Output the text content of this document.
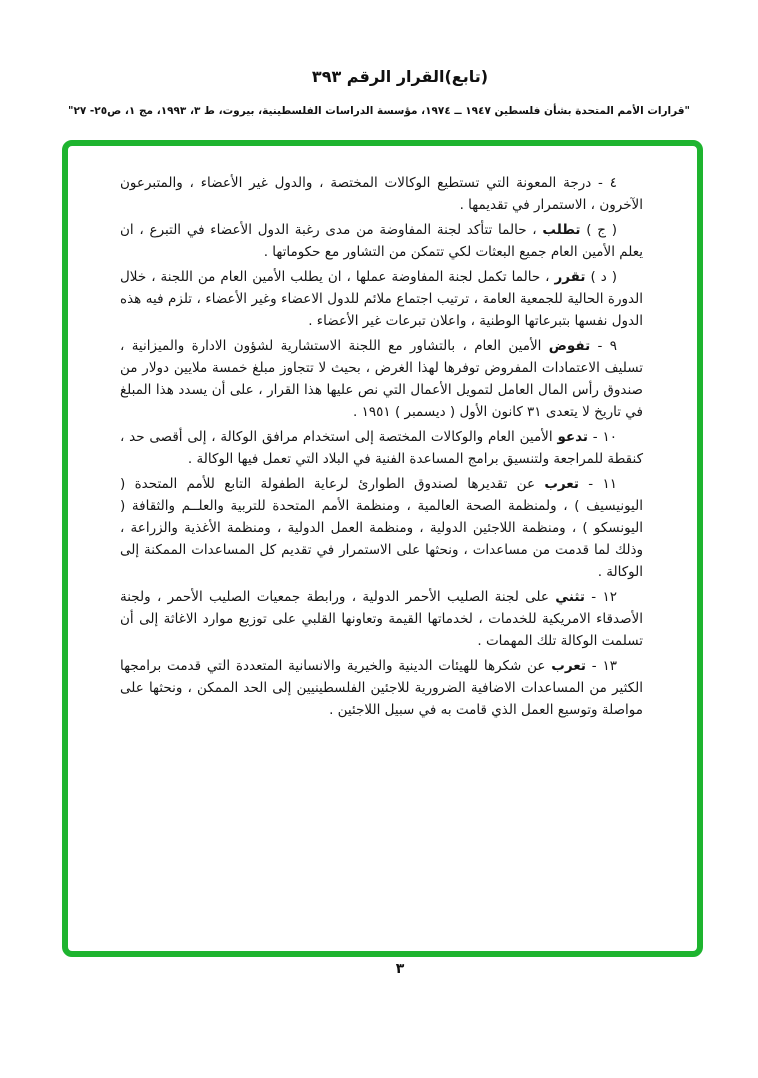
(تابع)القرار الرقم ٣٩٣
"قرارات الأمم المتحدة بشأن فلسطين ١٩٤٧ ــ ١٩٧٤، مؤسسة الدراسات الفلسطينية، بيروت، ط ٣، ١٩٩٣، مج ١، ص٢٥- ٢٧"

٤ - درجة المعونة التي تستطيع الوكالات المختصة ، والدول غير الأعضاء ، والمتبرعون الآخرون ، الاستمرار في تقديمها .

( ج ) تطلب ، حالما تتأكد لجنة المفاوضة من مدى رغبة الدول الأعضاء في التبرع ، ان يعلم الأمين العام جميع البعثات لكي تتمكن من التشاور مع حكوماتها .

( د ) تقرر ، حالما تكمل لجنة المفاوضة عملها ، ان يطلب الأمين العام من اللجنة ، خلال الدورة الحالية للجمعية العامة ، ترتيب اجتماع ملائم للدول الاعضاء وغير الأعضاء ، تلزم فيه هذه الدول نفسها بتبرعاتها الوطنية ، واعلان تبرعات غير الأعضاء .

٩ - تفوض الأمين العام ، بالتشاور مع اللجنة الاستشارية لشؤون الادارة والميزانية ، تسليف الاعتمادات المفروض توفرها لهذا الغرض ، بحيث لا تتجاوز مبلغ خمسة ملايين دولار من صندوق رأس المال العامل لتمويل الأعمال التي نص عليها هذا القرار ، على أن يسدد هذا المبلغ في تاريخ لا يتعدى ٣١ كانون الأول ( ديسمبر ) ١٩٥١ .

١٠ - تدعو الأمين العام والوكالات المختصة إلى استخدام مرافق الوكالة ، إلى أقصى حد ، كنقطة للمراجعة ولتنسيق برامج المساعدة الفنية في البلاد التي تعمل فيها الوكالة .

١١ - تعرب عن تقديرها لصندوق الطوارئ لرعاية الطفولة التابع للأمم المتحدة ( اليونيسيف ) ، ولمنظمة الصحة العالمية ، ومنظمة الأمم المتحدة للتربية والعلــم والثقافة ( اليونسكو ) ، ومنظمة اللاجئين الدولية ، ومنظمة العمل الدولية ، ومنظمة الأغذية والزراعة ، وذلك لما قدمت من مساعدات ، ونحثها على الاستمرار في تقديم كل المساعدات الممكنة إلى الوكالة .

١٢ - تثني على لجنة الصليب الأحمر الدولية ، ورابطة جمعيات الصليب الأحمر ، ولجنة الأصدقاء الامريكية للخدمات ، لخدماتها القيمة وتعاونها القلبي على توزيع موارد الاغاثة إلى أن تسلمت الوكالة تلك المهمات .

١٣ - تعرب عن شكرها للهيئات الدينية والخيرية والانسانية المتعددة التي قدمت برامجها الكثير من المساعدات الاضافية الضرورية للاجئين الفلسطينيين إلى الحد الممكن ، ونحثها على مواصلة وتوسيع العمل الذي قامت به في سبيل اللاجئين .

٣
